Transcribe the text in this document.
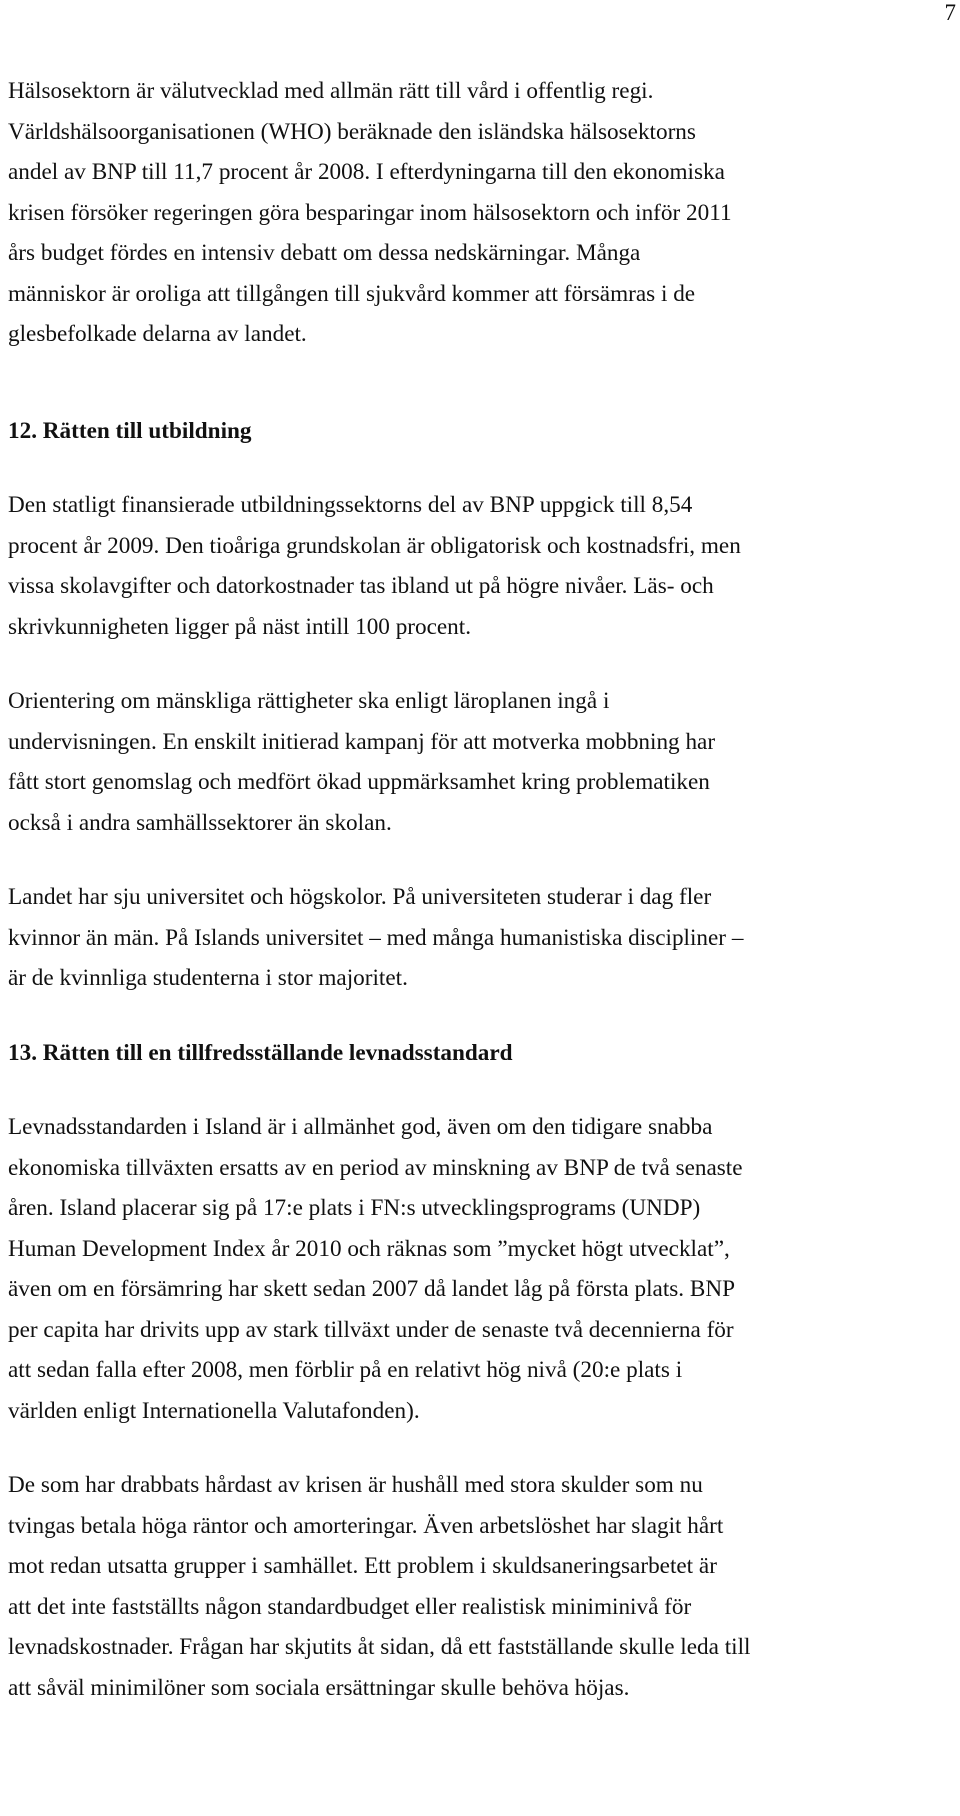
7

Hälsosektorn är välutvecklad med allmän rätt till vård i offentlig regi.
Världshälsoorganisationen (WHO) beräknade den isländska hälsosektorns
andel av BNP till 11,7 procent år 2008. I efterdyningarna till den ekonomiska
krisen försöker regeringen göra besparingar inom hälsosektorn och inför 2011
års budget fördes en intensiv debatt om dessa nedskärningar. Många
människor är oroliga att tillgången till sjukvård kommer att försämras i de
glesbefolkade delarna av landet.

12. Rätten till utbildning

Den statligt finansierade utbildningssektorns del av BNP uppgick till 8,54
procent år 2009. Den tioåriga grundskolan är obligatorisk och kostnadsfri, men
vissa skolavgifter och datorkostnader tas ibland ut på högre nivåer. Läs- och
skrivkunnigheten ligger på näst intill 100 procent.

Orientering om mänskliga rättigheter ska enligt läroplanen ingå i
undervisningen. En enskilt initierad kampanj för att motverka mobbning har
fått stort genomslag och medfört ökad uppmärksamhet kring problematiken
också i andra samhällssektorer än skolan.

Landet har sju universitet och högskolor. På universiteten studerar i dag fler
kvinnor än män. På Islands universitet – med många humanistiska discipliner –
är de kvinnliga studenterna i stor majoritet.

13. Rätten till en tillfredsställande levnadsstandard

Levnadsstandarden i Island är i allmänhet god, även om den tidigare snabba
ekonomiska tillväxten ersatts av en period av minskning av BNP de två senaste
åren. Island placerar sig på 17:e plats i FN:s utvecklingsprograms (UNDP)
Human Development Index år 2010 och räknas som ”mycket högt utvecklat”,
även om en försämring har skett sedan 2007 då landet låg på första plats. BNP
per capita har drivits upp av stark tillväxt under de senaste två decennierna för
att sedan falla efter 2008, men förblir på en relativt hög nivå (20:e plats i
världen enligt Internationella Valutafonden).

De som har drabbats hårdast av krisen är hushåll med stora skulder som nu
tvingas betala höga räntor och amorteringar. Även arbetslöshet har slagit hårt
mot redan utsatta grupper i samhället. Ett problem i skuldsaneringsarbetet är
att det inte fastställts någon standardbudget eller realistisk miniminivå för
levnadskostnader. Frågan har skjutits åt sidan, då ett fastställande skulle leda till
att såväl minimilöner som sociala ersättningar skulle behöva höjas.
